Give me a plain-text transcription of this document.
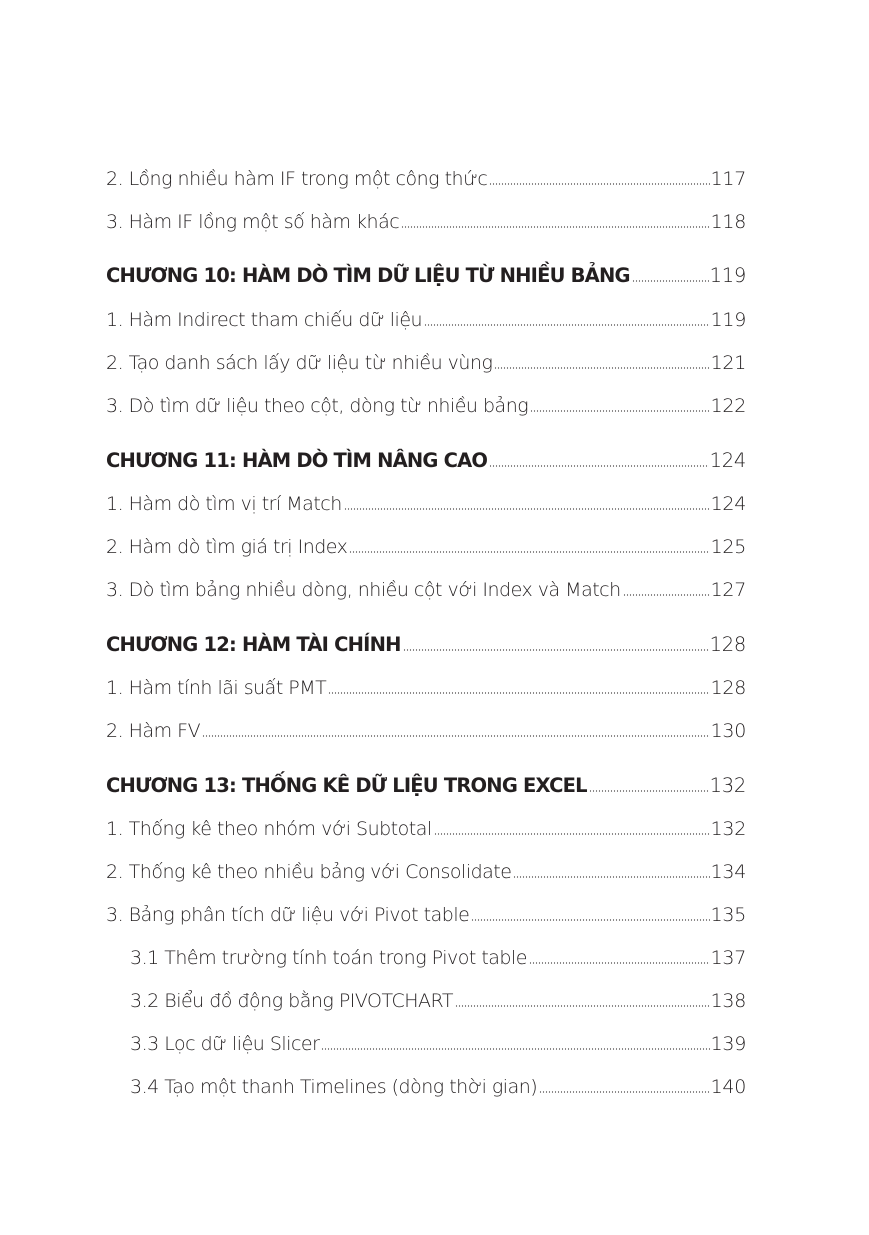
2. Lồng nhiều hàm IF trong một công thức	117
3. Hàm IF lồng một số hàm khác	118
CHƯƠNG 10: HÀM DÒ TÌM DỮ LIỆU TỪ NHIỀU BẢNG	119
1. Hàm Indirect tham chiếu dữ liệu	119
2. Tạo danh sách lấy dữ liệu từ nhiều vùng	121
3. Dò tìm dữ liệu theo cột, dòng từ nhiều bảng	122
CHƯƠNG 11: HÀM DÒ TÌM NÂNG CAO	124
1. Hàm dò tìm vị trí Match	124
2. Hàm dò tìm giá trị Index	125
3. Dò tìm bảng nhiều dòng, nhiều cột với Index và Match	127
CHƯƠNG 12: HÀM TÀI CHÍNH	128
1. Hàm tính lãi suất PMT	128
2. Hàm FV	130
CHƯƠNG 13: THỐNG KÊ DỮ LIỆU TRONG EXCEL	132
1. Thống kê theo nhóm với Subtotal	132
2. Thống kê theo nhiều bảng với Consolidate	134
3. Bảng phân tích dữ liệu với Pivot table	135
3.1 Thêm trường tính toán trong Pivot table	137
3.2 Biểu đồ động bằng PIVOTCHART	138
3.3 Lọc dữ liệu Slicer	139
3.4 Tạo một thanh Timelines (dòng thời gian)	140
